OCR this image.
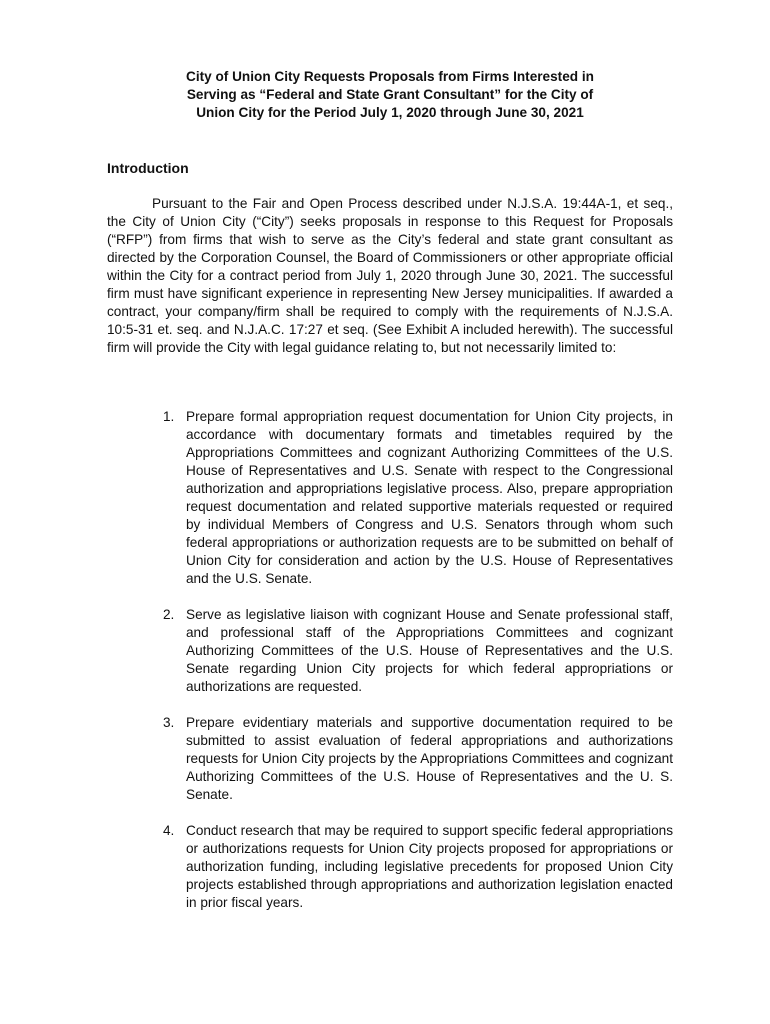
City of Union City Requests Proposals from Firms Interested in
Serving as “Federal and State Grant Consultant” for the City of
Union City for the Period July 1, 2020 through June 30, 2021
Introduction

Pursuant to the Fair and Open Process described under N.J.S.A. 19:44A-1, et seq., the City of Union City (“City”) seeks proposals in response to this Request for Proposals (“RFP”) from firms that wish to serve as the City’s federal and state grant consultant as directed by the Corporation Counsel, the Board of Commissioners or other appropriate official within the City for a contract period from July 1, 2020 through June 30, 2021. The successful firm must have significant experience in representing New Jersey municipalities. If awarded a contract, your company/firm shall be required to comply with the requirements of N.J.S.A. 10:5-31 et. seq. and N.J.A.C. 17:27 et seq. (See Exhibit A included herewith). The successful firm will provide the City with legal guidance relating to, but not necessarily limited to:

1. Prepare formal appropriation request documentation for Union City projects, in accordance with documentary formats and timetables required by the Appropriations Committees and cognizant Authorizing Committees of the U.S. House of Representatives and U.S. Senate with respect to the Congressional authorization and appropriations legislative process. Also, prepare appropriation request documentation and related supportive materials requested or required by individual Members of Congress and U.S. Senators through whom such federal appropriations or authorization requests are to be submitted on behalf of Union City for consideration and action by the U.S. House of Representatives and the U.S. Senate.
2. Serve as legislative liaison with cognizant House and Senate professional staff, and professional staff of the Appropriations Committees and cognizant Authorizing Committees of the U.S. House of Representatives and the U.S. Senate regarding Union City projects for which federal appropriations or authorizations are requested.
3. Prepare evidentiary materials and supportive documentation required to be submitted to assist evaluation of federal appropriations and authorizations requests for Union City projects by the Appropriations Committees and cognizant Authorizing Committees of the U.S. House of Representatives and the U. S. Senate.
4. Conduct research that may be required to support specific federal appropriations or authorizations requests for Union City projects proposed for appropriations or authorization funding, including legislative precedents for proposed Union City projects established through appropriations and authorization legislation enacted in prior fiscal years.
